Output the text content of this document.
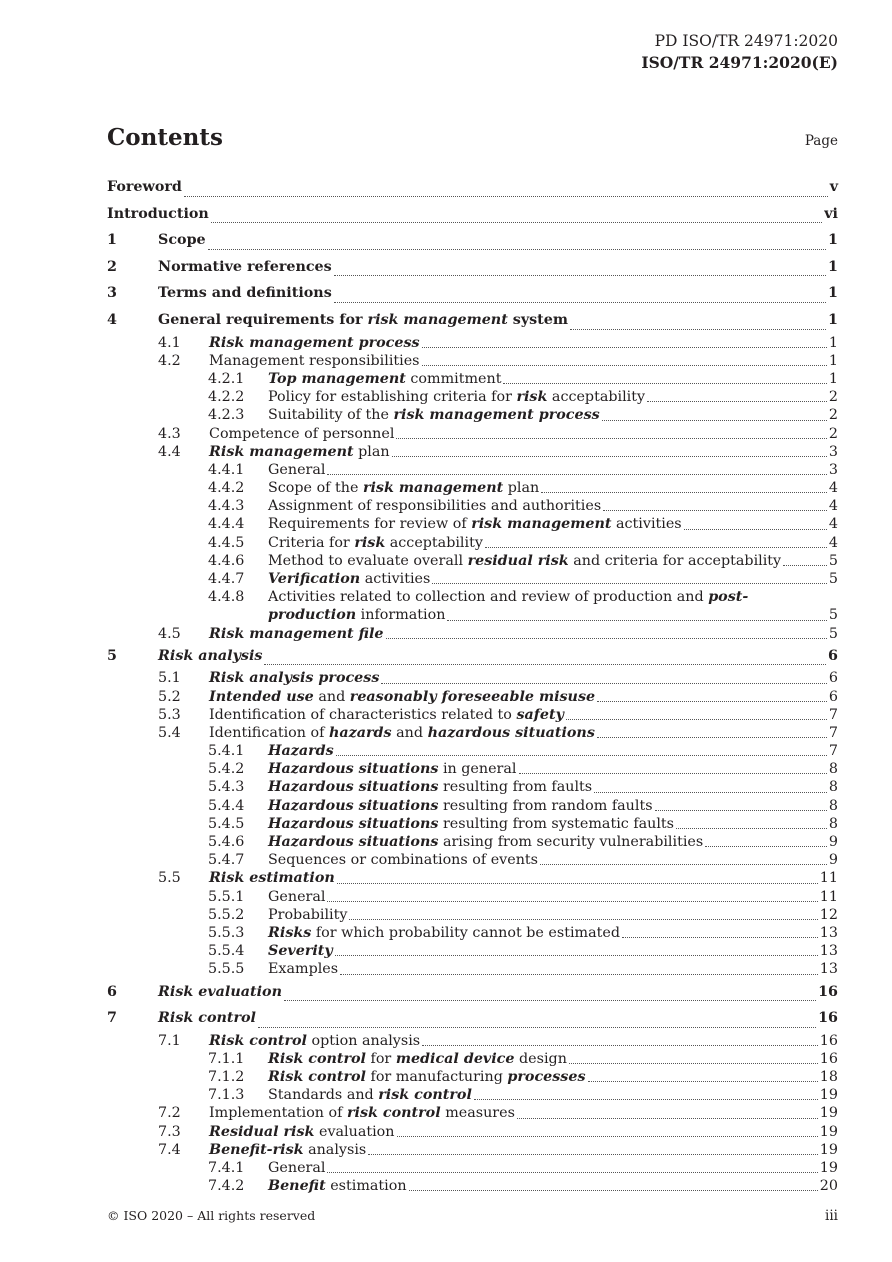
PD ISO/TR 24971:2020
ISO/TR 24971:2020(E)
Contents	Page
Foreword	v
Introduction	vi
1	Scope	1
2	Normative references	1
3	Terms and definitions	1
4	General requirements for risk management system	1
4.1	Risk management process	1
4.2	Management responsibilities	1
4.2.1	Top management commitment	1
4.2.2	Policy for establishing criteria for risk acceptability	2
4.2.3	Suitability of the risk management process	2
4.3	Competence of personnel	2
4.4	Risk management plan	3
4.4.1	General	3
4.4.2	Scope of the risk management plan	4
4.4.3	Assignment of responsibilities and authorities	4
4.4.4	Requirements for review of risk management activities	4
4.4.5	Criteria for risk acceptability	4
4.4.6	Method to evaluate overall residual risk and criteria for acceptability	5
4.4.7	Verification activities	5
4.4.8	Activities related to collection and review of production and post-
production information	5
4.5	Risk management file	5
5	Risk analysis	6
5.1	Risk analysis process	6
5.2	Intended use and reasonably foreseeable misuse	6
5.3	Identification of characteristics related to safety	7
5.4	Identification of hazards and hazardous situations	7
5.4.1	Hazards	7
5.4.2	Hazardous situations in general	8
5.4.3	Hazardous situations resulting from faults	8
5.4.4	Hazardous situations resulting from random faults	8
5.4.5	Hazardous situations resulting from systematic faults	8
5.4.6	Hazardous situations arising from security vulnerabilities	9
5.4.7	Sequences or combinations of events	9
5.5	Risk estimation	11
5.5.1	General	11
5.5.2	Probability	12
5.5.3	Risks for which probability cannot be estimated	13
5.5.4	Severity	13
5.5.5	Examples	13
6	Risk evaluation	16
7	Risk control	16
7.1	Risk control option analysis	16
7.1.1	Risk control for medical device design	16
7.1.2	Risk control for manufacturing processes	18
7.1.3	Standards and risk control	19
7.2	Implementation of risk control measures	19
7.3	Residual risk evaluation	19
7.4	Benefit-risk analysis	19
7.4.1	General	19
7.4.2	Benefit estimation	20
© ISO 2020 – All rights reserved	iii
